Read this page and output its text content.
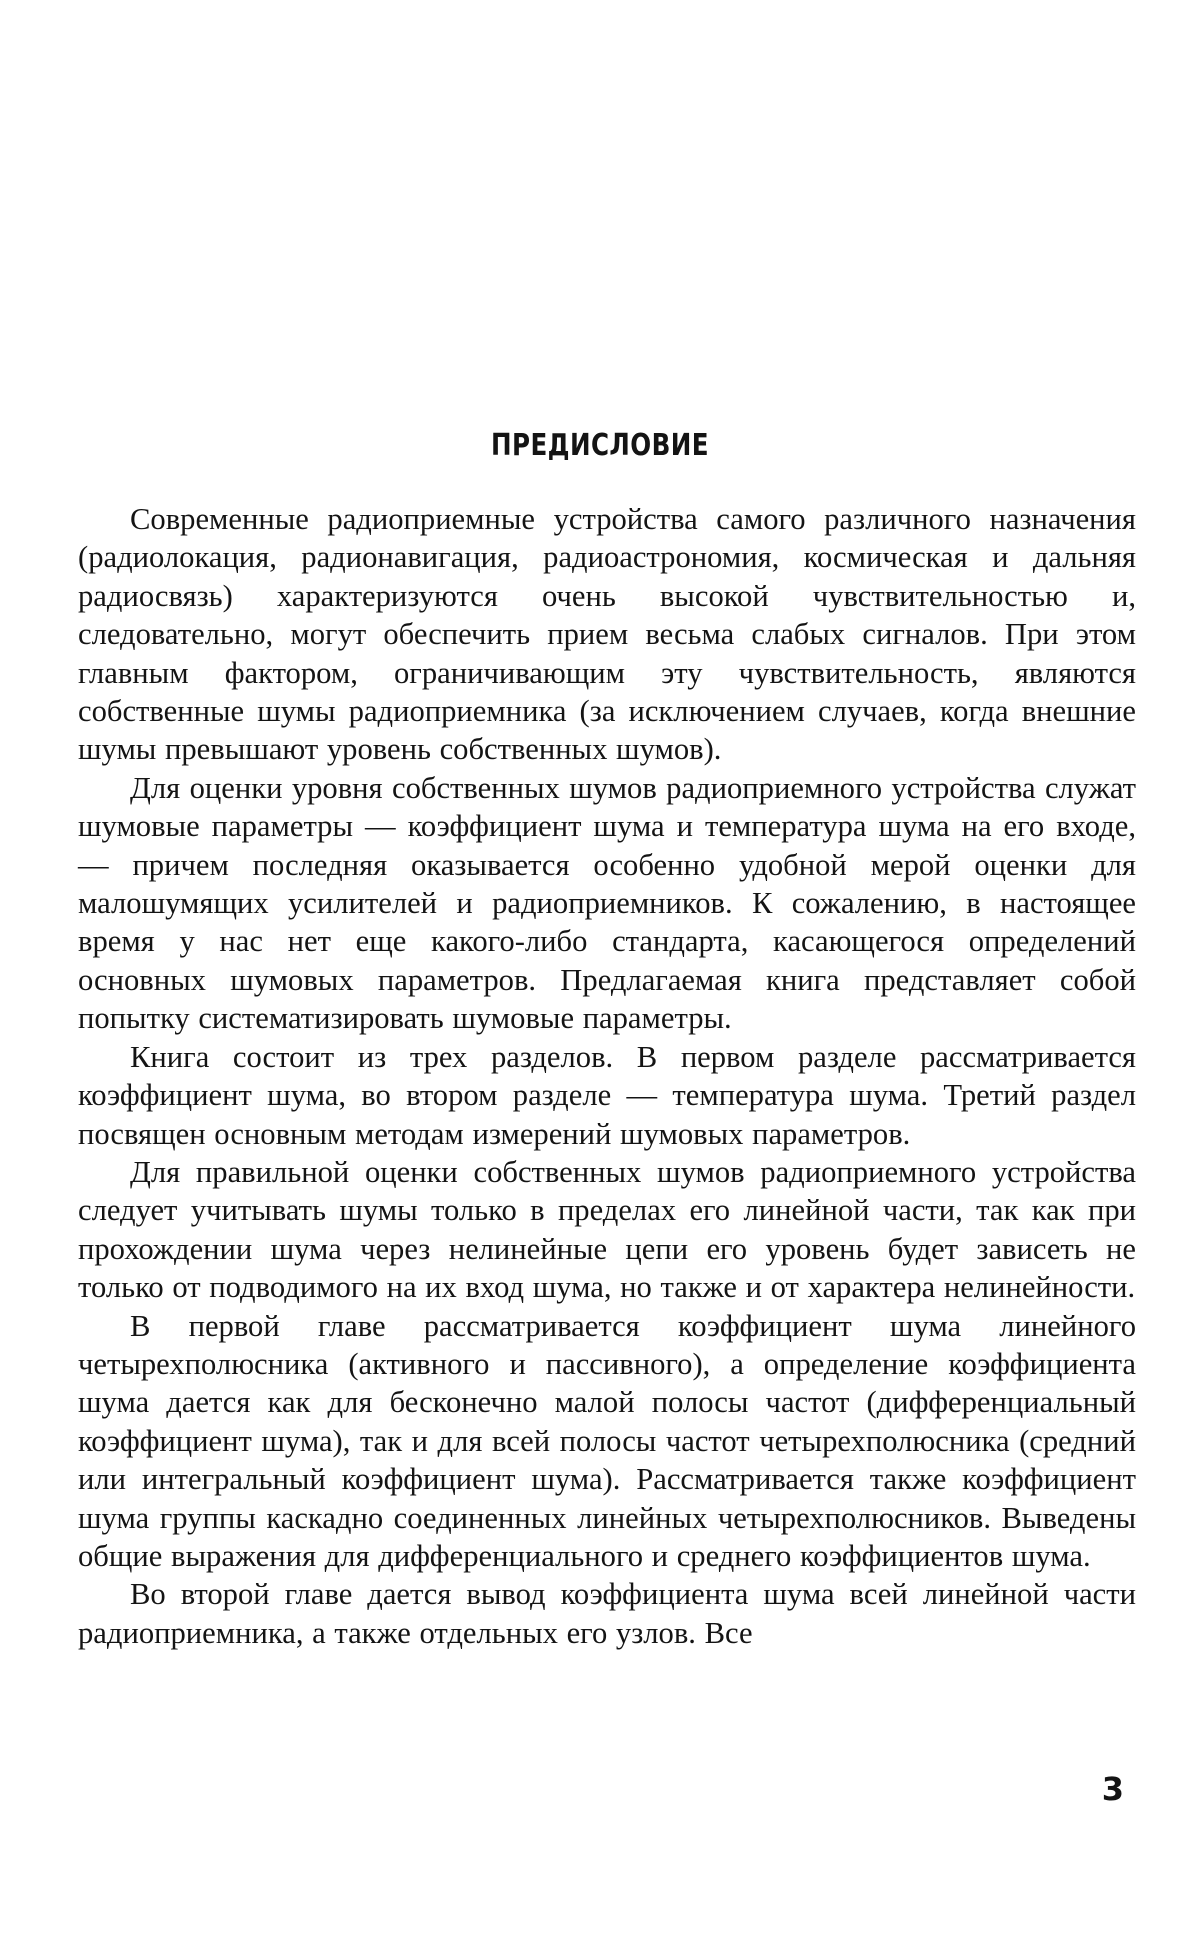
ПРЕДИСЛОВИЕ

Современные радиоприемные устройства самого различного назначения (радиолокация, радионавигация, радиоастрономия, космическая и дальняя радиосвязь) характеризуются очень высокой чувствительностью и, следовательно, могут обеспечить прием весьма слабых сигналов. При этом главным фактором, ограничивающим эту чувствительность, являются собственные шумы радиоприемника (за исключением случаев, когда внешние шумы превышают уровень собственных шумов).

Для оценки уровня собственных шумов радиоприемного устройства служат шумовые параметры — коэффициент шума и температура шума на его входе, — причем последняя оказывается особенно удобной мерой оценки для малошумящих усилителей и радиоприемников. К сожалению, в настоящее время у нас нет еще какого-либо стандарта, касающегося определений основных шумовых параметров. Предлагаемая книга представляет собой попытку систематизировать шумовые параметры.

Книга состоит из трех разделов. В первом разделе рассматривается коэффициент шума, во втором разделе — температура шума. Третий раздел посвящен основным методам измерений шумовых параметров.

Для правильной оценки собственных шумов радиоприемного устройства следует учитывать шумы только в пределах его линейной части, так как при прохождении шума через нелинейные цепи его уровень будет зависеть не только от подводимого на их вход шума, но также и от характера нелинейности.

В первой главе рассматривается коэффициент шума линейного четырехполюсника (активного и пассивного), а определение коэффициента шума дается как для бесконечно малой полосы частот (дифференциальный коэффициент шума), так и для всей полосы частот четырехполюсника (средний или интегральный коэффициент шума). Рассматривается также коэффициент шума группы каскадно соединенных линейных четырехполюсников. Выведены общие выражения для дифференциального и среднего коэффициентов шума.

Во второй главе дается вывод коэффициента шума всей линейной части радиоприемника, а также отдельных его узлов. Все

3
